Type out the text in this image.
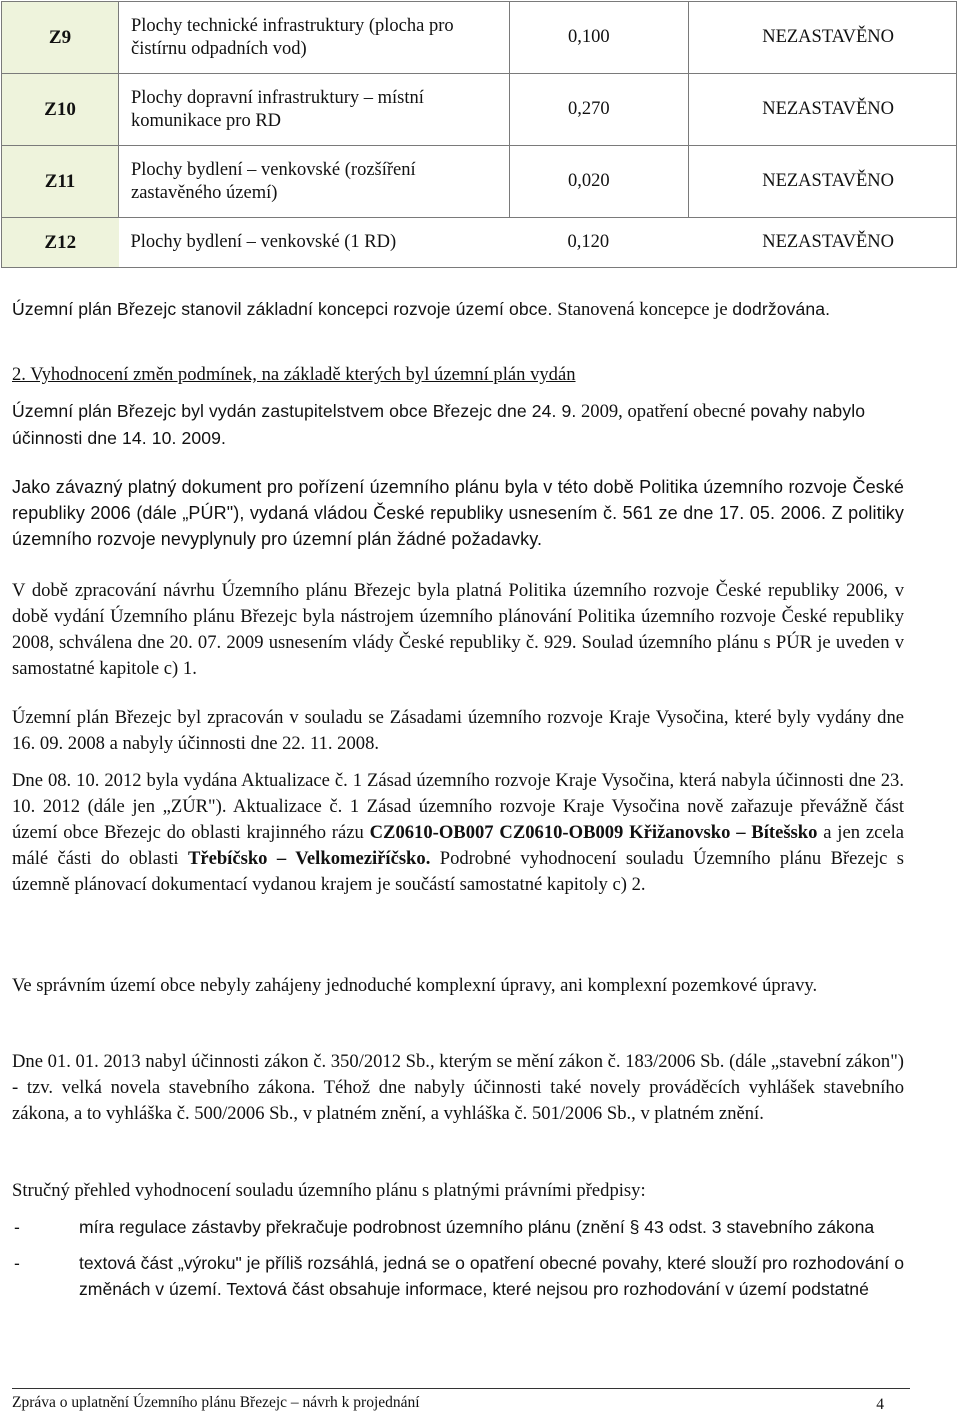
Z9	Plochy technické infrastruktury (plocha pro čistírnu odpadních vod)	0,100	NEZASTAVĚNO
Z10	Plochy dopravní infrastruktury – místní komunikace pro RD	0,270	NEZASTAVĚNO
Z11	Plochy bydlení – venkovské (rozšíření zastavěného území)	0,020	NEZASTAVĚNO
Z12	Plochy bydlení – venkovské (1 RD)	0,120	NEZASTAVĚNO

Územní plán Březejc stanovil základní koncepci rozvoje území obce. Stanovená koncepce je dodržována.

2. Vyhodnocení změn podmínek, na základě kterých byl územní plán vydán

Územní plán Březejc byl vydán zastupitelstvem obce Březejc dne 24. 9. 2009, opatření obecné povahy nabylo účinnosti dne 14. 10. 2009.

Jako závazný platný dokument pro pořízení územního plánu byla v této době Politika územního rozvoje České republiky 2006 (dále „PÚR"), vydaná vládou České republiky usnesením č. 561 ze dne 17. 05. 2006. Z politiky územního rozvoje nevyplynuly pro územní plán žádné požadavky.

V době zpracování návrhu Územního plánu Březejc byla platná Politika územního rozvoje České republiky 2006, v době vydání Územního plánu Březejc byla nástrojem územního plánování Politika územního rozvoje České republiky 2008, schválena dne 20. 07. 2009 usnesením vlády České republiky č. 929. Soulad územního plánu s PÚR je uveden v samostatné kapitole c) 1.

Územní plán Březejc byl zpracován v souladu se Zásadami územního rozvoje Kraje Vysočina, které byly vydány dne 16. 09. 2008 a nabyly účinnosti dne 22. 11. 2008.

Dne 08. 10. 2012 byla vydána Aktualizace č. 1 Zásad územního rozvoje Kraje Vysočina, která nabyla účinnosti dne 23. 10. 2012 (dále jen „ZÚR"). Aktualizace č. 1 Zásad územního rozvoje Kraje Vysočina nově zařazuje převážně část území obce Březejc do oblasti krajinného rázu CZ0610-OB007 CZ0610-OB009 Křižanovsko – Bítešsko a jen zcela málé části do oblasti Třebíčsko – Velkomeziříčsko. Podrobné vyhodnocení souladu Územního plánu Březejc s územně plánovací dokumentací vydanou krajem je součástí samostatné kapitoly c) 2.

Ve správním území obce nebyly zahájeny jednoduché komplexní úpravy, ani komplexní pozemkové úpravy.

Dne 01. 01. 2013 nabyl účinnosti zákon č. 350/2012 Sb., kterým se mění zákon č. 183/2006 Sb. (dále „stavební zákon") - tzv. velká novela stavebního zákona. Téhož dne nabyly účinnosti také novely prováděcích vyhlášek stavebního zákona, a to vyhláška č. 500/2006 Sb., v platném znění, a vyhláška č. 501/2006 Sb., v platném znění.

Stručný přehled vyhodnocení souladu územního plánu s platnými právními předpisy:

-	míra regulace zástavby překračuje podrobnost územního plánu (znění § 43 odst. 3 stavebního zákona
-	textová část „výroku" je příliš rozsáhlá, jedná se o opatření obecné povahy, které slouží pro rozhodování o změnách v území. Textová část obsahuje informace, které nejsou pro rozhodování v území podstatné
Zpráva o uplatnění Územního plánu Březejc – návrh k projednání	4
